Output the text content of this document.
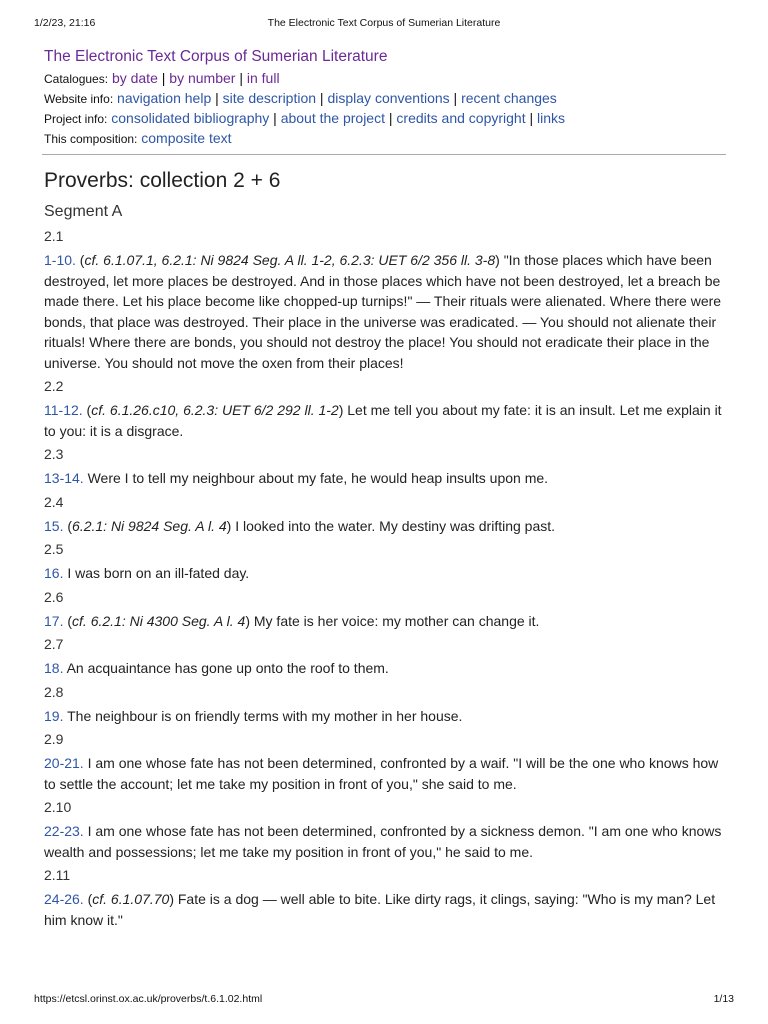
1/2/23, 21:16	The Electronic Text Corpus of Sumerian Literature
The Electronic Text Corpus of Sumerian Literature
Catalogues: by date | by number | in full
Website info: navigation help | site description | display conventions | recent changes
Project info: consolidated bibliography | about the project | credits and copyright | links
This composition: composite text
Proverbs: collection 2 + 6
Segment A
2.1

1-10. (cf. 6.1.07.1, 6.2.1: Ni 9824 Seg. A ll. 1-2, 6.2.3: UET 6/2 356 ll. 3-8) "In those places which have been destroyed, let more places be destroyed. And in those places which have not been destroyed, let a breach be made there. Let his place become like chopped-up turnips!" — Their rituals were alienated. Where there were bonds, that place was destroyed. Their place in the universe was eradicated. — You should not alienate their rituals! Where there are bonds, you should not destroy the place! You should not eradicate their place in the universe. You should not move the oxen from their places!

2.2

11-12. (cf. 6.1.26.c10, 6.2.3: UET 6/2 292 ll. 1-2) Let me tell you about my fate: it is an insult. Let me explain it to you: it is a disgrace.

2.3

13-14. Were I to tell my neighbour about my fate, he would heap insults upon me.

2.4

15. (6.2.1: Ni 9824 Seg. A l. 4) I looked into the water. My destiny was drifting past.

2.5

16. I was born on an ill-fated day.

2.6

17. (cf. 6.2.1: Ni 4300 Seg. A l. 4) My fate is her voice: my mother can change it.

2.7

18. An acquaintance has gone up onto the roof to them.

2.8

19. The neighbour is on friendly terms with my mother in her house.

2.9

20-21. I am one whose fate has not been determined, confronted by a waif. "I will be the one who knows how to settle the account; let me take my position in front of you," she said to me.

2.10

22-23. I am one whose fate has not been determined, confronted by a sickness demon. "I am one who knows wealth and possessions; let me take my position in front of you," he said to me.

2.11

24-26. (cf. 6.1.07.70) Fate is a dog — well able to bite. Like dirty rags, it clings, saying: "Who is my man? Let him know it."

https://etcsl.orinst.ox.ac.uk/proverbs/t.6.1.02.html	1/13
